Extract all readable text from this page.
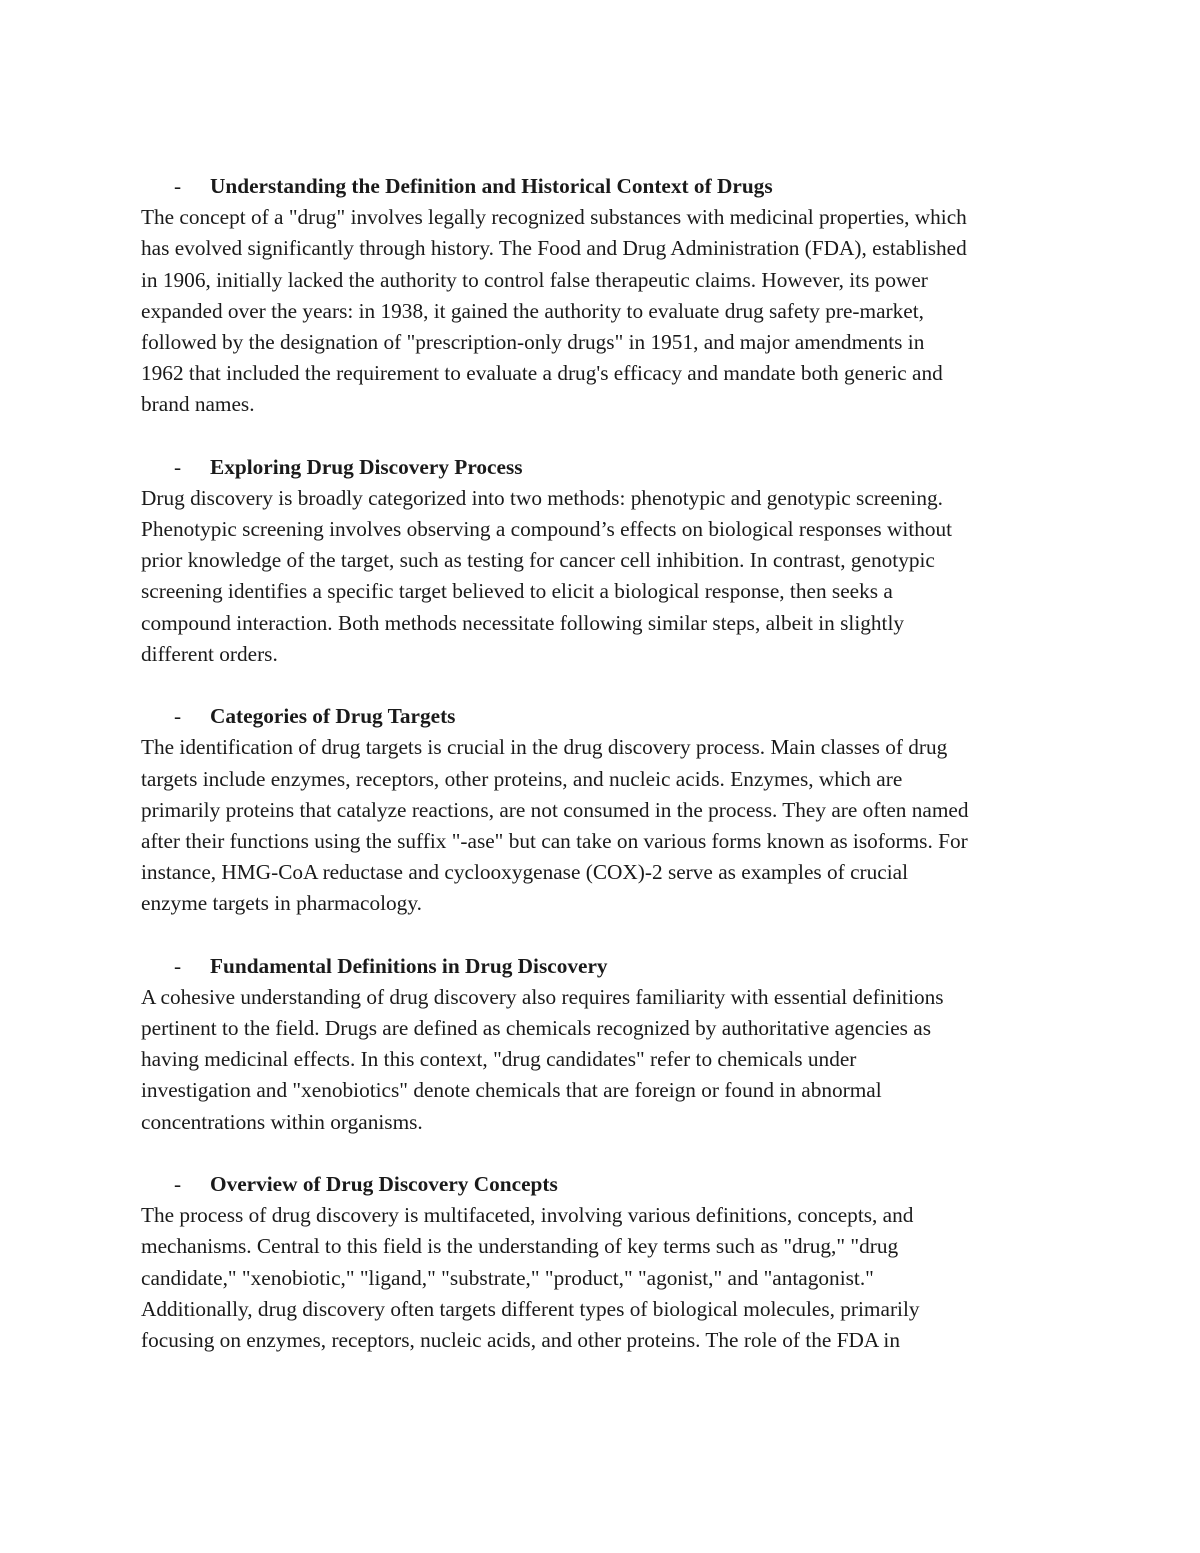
-	Understanding the Definition and Historical Context of Drugs
The concept of a "drug" involves legally recognized substances with medicinal properties, which
has evolved significantly through history. The Food and Drug Administration (FDA), established
in 1906, initially lacked the authority to control false therapeutic claims. However, its power
expanded over the years: in 1938, it gained the authority to evaluate drug safety pre-market,
followed by the designation of "prescription-only drugs" in 1951, and major amendments in
1962 that included the requirement to evaluate a drug's efficacy and mandate both generic and
brand names.
-	Exploring Drug Discovery Process
Drug discovery is broadly categorized into two methods: phenotypic and genotypic screening.
Phenotypic screening involves observing a compound’s effects on biological responses without
prior knowledge of the target, such as testing for cancer cell inhibition. In contrast, genotypic
screening identifies a specific target believed to elicit a biological response, then seeks a
compound interaction. Both methods necessitate following similar steps, albeit in slightly
different orders.
-	Categories of Drug Targets
The identification of drug targets is crucial in the drug discovery process. Main classes of drug
targets include enzymes, receptors, other proteins, and nucleic acids. Enzymes, which are
primarily proteins that catalyze reactions, are not consumed in the process. They are often named
after their functions using the suffix "-ase" but can take on various forms known as isoforms. For
instance, HMG-CoA reductase and cyclooxygenase (COX)-2 serve as examples of crucial
enzyme targets in pharmacology.
-	Fundamental Definitions in Drug Discovery
A cohesive understanding of drug discovery also requires familiarity with essential definitions
pertinent to the field. Drugs are defined as chemicals recognized by authoritative agencies as
having medicinal effects. In this context, "drug candidates" refer to chemicals under
investigation and "xenobiotics" denote chemicals that are foreign or found in abnormal
concentrations within organisms.
-	Overview of Drug Discovery Concepts
The process of drug discovery is multifaceted, involving various definitions, concepts, and
mechanisms. Central to this field is the understanding of key terms such as "drug," "drug
candidate," "xenobiotic," "ligand," "substrate," "product," "agonist," and "antagonist."
Additionally, drug discovery often targets different types of biological molecules, primarily
focusing on enzymes, receptors, nucleic acids, and other proteins. The role of the FDA in
